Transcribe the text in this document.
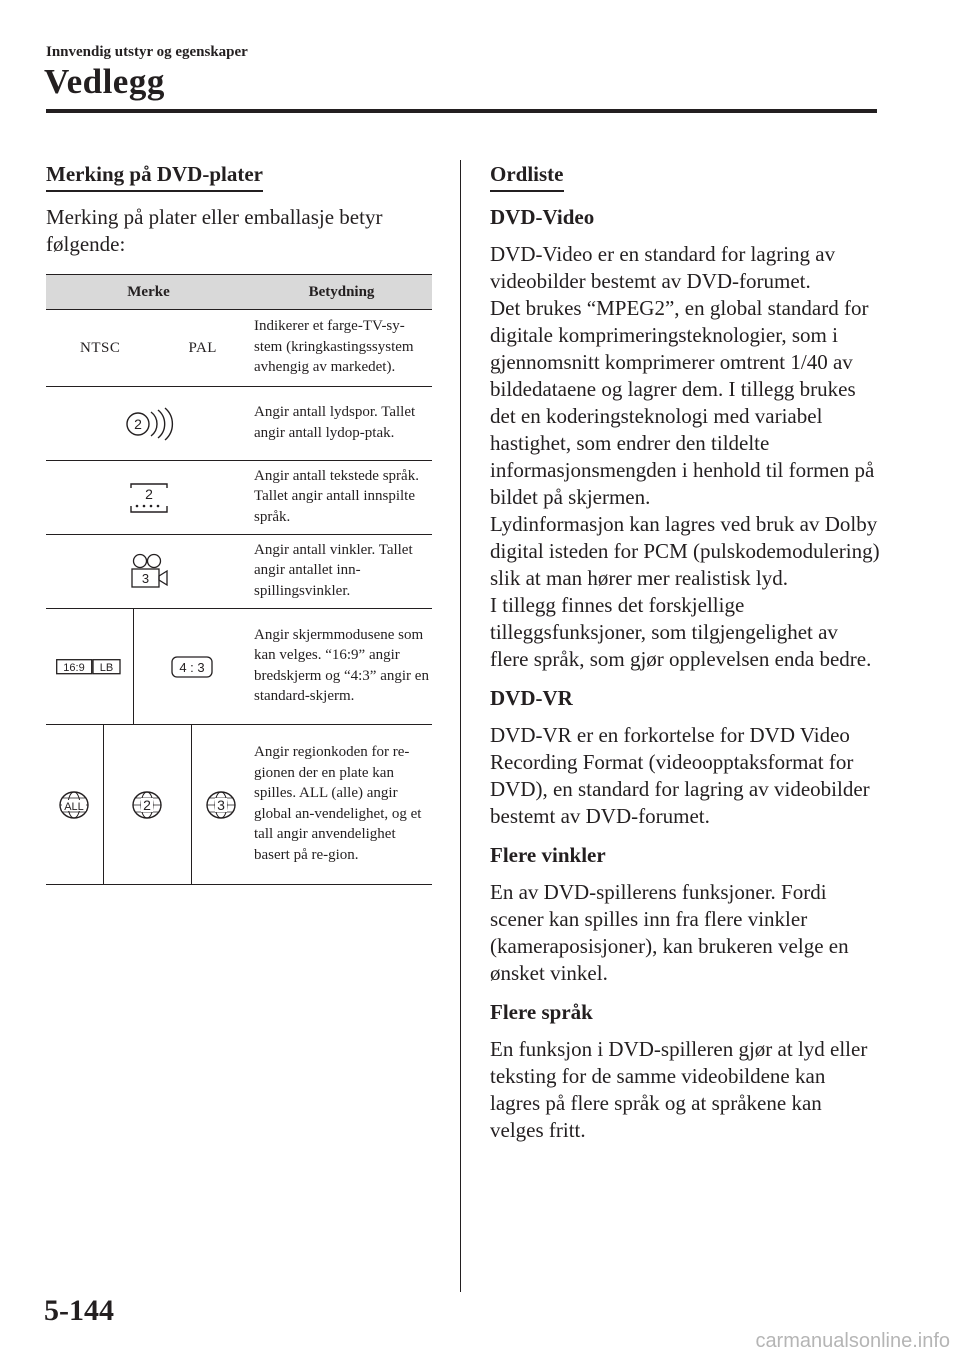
Innvendig utstyr og egenskaper
Vedlegg
Merking på DVD-plater
Merking på plater eller emballasje betyr følgende:
Merke				Betydning

NTSC PAL				Indikerer et farge-TV-sy-stem (kringkastingssystem avhengig av markedet).

2				Angir antall lydspor. Tallet angir antall lydop-ptak.

2				Angir antall tekstede språk. Tallet angir antall innspilte språk.

3				Angir antall vinkler. Tallet angir antallet inn-spillingsvinkler.

16:9 LB		4 : 3		Angir skjermmodusene som kan velges. “16:9” angir bredskjerm og “4:3” angir en standard-skjerm.

ALL	2		3	Angir regionkoden for re-gionen der en plate kan spilles. ALL (alle) angir global an-vendelighet, og et tall angir anvendelighet basert på re-gion.
Ordliste
DVD-Video
DVD-Video er en standard for lagring av videobilder bestemt av DVD-forumet.
Det brukes “MPEG2”, en global standard for digitale komprimeringsteknologier, som i gjennomsnitt komprimerer omtrent 1/40 av bildedataene og lagrer dem. I tillegg brukes det en koderingsteknologi med variabel hastighet, som endrer den tildelte informasjonsmengden i henhold til formen på bildet på skjermen.
Lydinformasjon kan lagres ved bruk av Dolby digital isteden for PCM (pulskodemodulering) slik at man hører mer realistisk lyd.
I tillegg finnes det forskjellige tilleggsfunksjoner, som tilgjengelighet av flere språk, som gjør opplevelsen enda bedre.
DVD-VR
DVD-VR er en forkortelse for DVD Video Recording Format (videoopptaksformat for DVD), en standard for lagring av videobilder bestemt av DVD-forumet.
Flere vinkler
En av DVD-spillerens funksjoner. Fordi scener kan spilles inn fra flere vinkler (kameraposisjoner), kan brukeren velge en ønsket vinkel.
Flere språk
En funksjon i DVD-spilleren gjør at lyd eller teksting for de samme videobildene kan lagres på flere språk og at språkene kan velges fritt.
5-144
carmanualsonline.info
